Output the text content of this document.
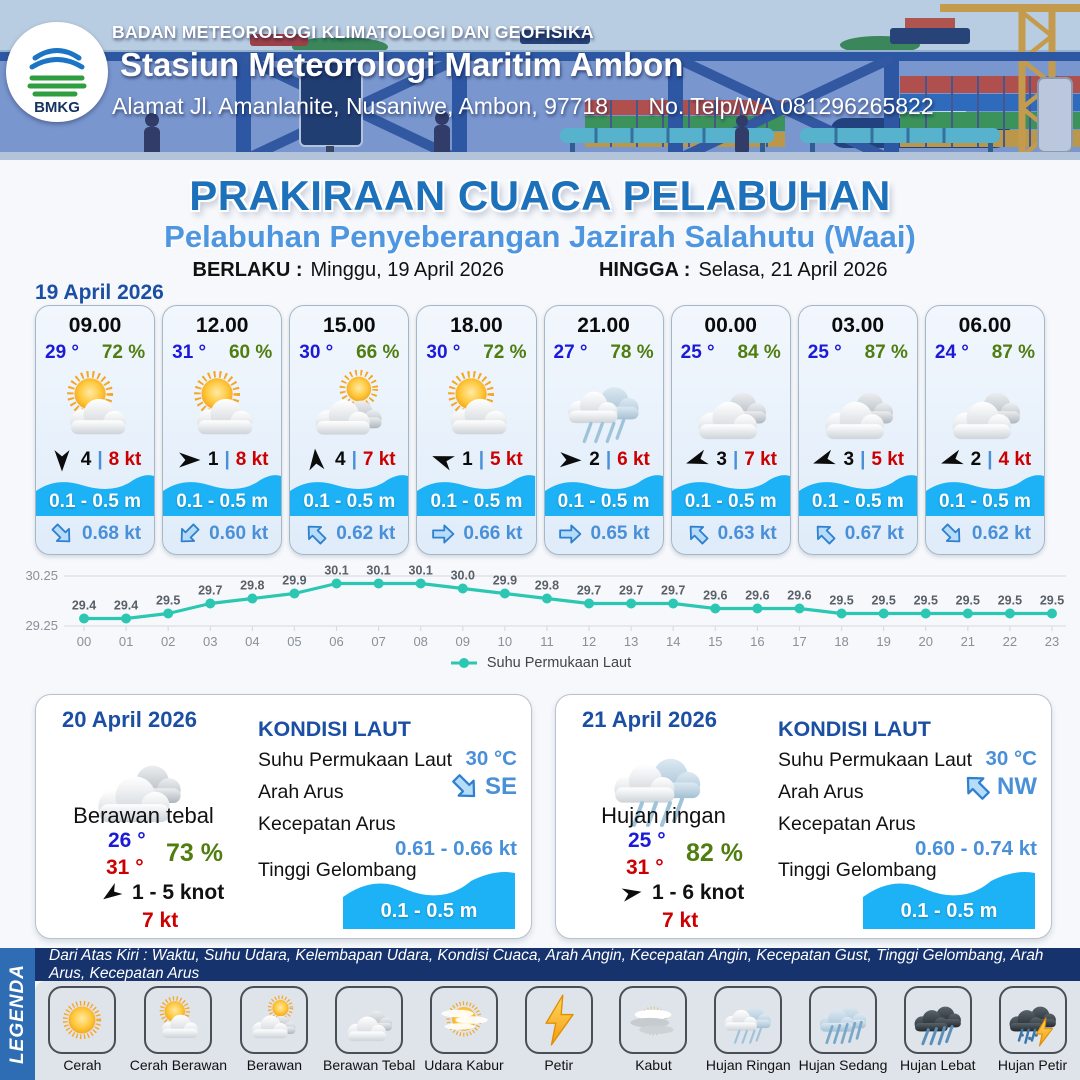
BMKG
BADAN METEOROLOGI KLIMATOLOGI DAN GEOFISIKA
Stasiun Meteorologi Maritim Ambon
Alamat Jl. Amanlanite, Nusaniwe, Ambon, 97718 No. Telp/WA 081296265822
PRAKIRAAN CUACA PELABUHAN
Pelabuhan Penyeberangan Jazirah Salahutu (Waai)
BERLAKU : Minggu, 19 April 2026	HINGGA : Selasa, 21 April 2026
19 April 2026
09.00
29 ° 72 %
4 | 8 kt
0.1 - 0.5 m
0.68 kt
12.00
31 ° 60 %
1 | 8 kt
0.1 - 0.5 m
0.60 kt
15.00
30 ° 66 %
4 | 7 kt
0.1 - 0.5 m
0.62 kt
18.00
30 ° 72 %
1 | 5 kt
0.1 - 0.5 m
0.66 kt
21.00
27 ° 78 %
2 | 6 kt
0.1 - 0.5 m
0.65 kt
00.00
25 ° 84 %
3 | 7 kt
0.1 - 0.5 m
0.63 kt
03.00
25 ° 87 %
3 | 5 kt
0.1 - 0.5 m
0.67 kt
06.00
24 ° 87 %
2 | 4 kt
0.1 - 0.5 m
0.62 kt
30.25
29.25
00 01 02 03 04 05 06 07 08 09 10 11 12 13 14 15 16 17 18 19 20 21 22 23
29.4 29.4 29.5
29.7 29.8 29.9
30.1 30.1 30.1 30.0 29.9 29.8 29.7 29.7 29.7 29.6 29.6 29.6 29.5 29.5 29.5 29.5 29.5 29.5
Suhu Permukaan Laut
20 April 2026
Berawan tebal
26 °
31 °
73 %
1 - 5 knot
7 kt
KONDISI LAUT
Suhu Permukaan Laut 30 °C
Arah Arus	SE
Kecepatan Arus
0.61 - 0.66 kt
Tinggi Gelombang
0.1 - 0.5 m
21 April 2026
Hujan ringan
25 °
31 °
82 %
1 - 6 knot
7 kt
KONDISI LAUT
Suhu Permukaan Laut 30 °C
Arah Arus	NW
Kecepatan Arus
0.60 - 0.74 kt
Tinggi Gelombang
0.1 - 0.5 m
LEGENDA
Dari Atas Kiri : Waktu, Suhu Udara, Kelembapan Udara, Kondisi Cuaca, Arah Angin, Kecepatan Angin, Kecepatan Gust, Tinggi Gelombang, Arah Arus, Kecepatan Arus
Cerah Cerah Berawan Berawan Berawan Tebal Udara Kabur	Petir	Kabut Hujan Ringan Hujan Sedang Hujan Lebat Hujan Petir
